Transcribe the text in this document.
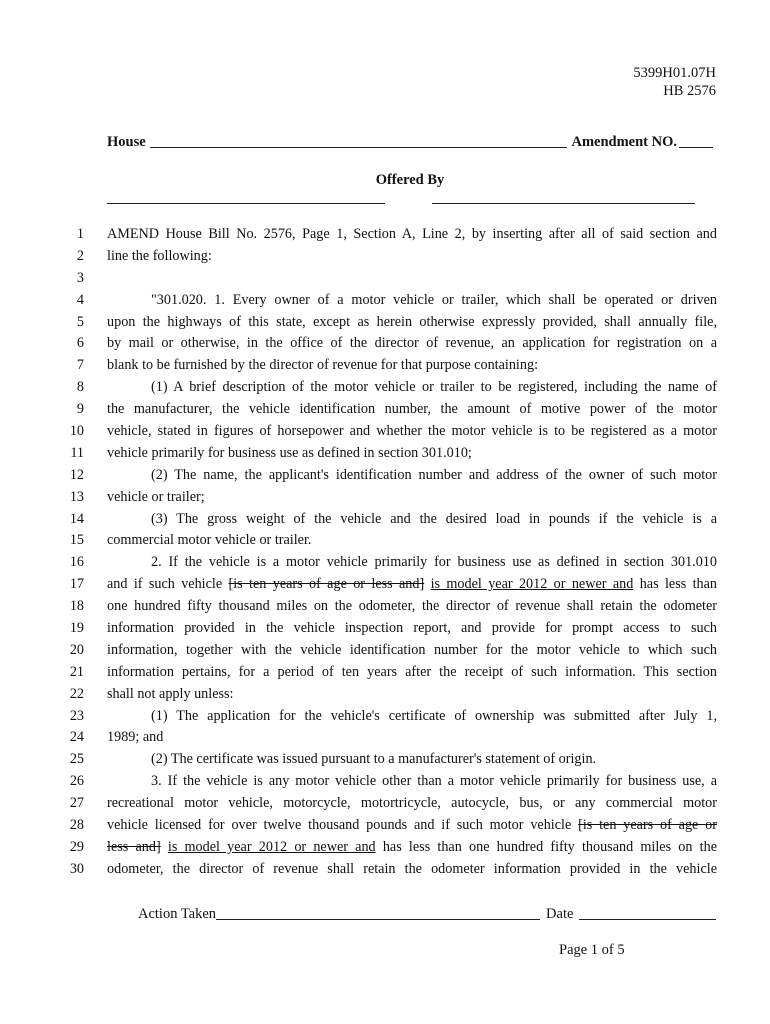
5399H01.07H
HB 2576
House	Amendment NO.
Offered By
1 AMEND House Bill No. 2576, Page 1, Section A, Line 2, by inserting after all of said section and
2 line the following:
3
4	"301.020. 1. Every owner of a motor vehicle or trailer, which shall be operated or driven
5 upon the highways of this state, except as herein otherwise expressly provided, shall annually file,
6 by mail or otherwise, in the office of the director of revenue, an application for registration on a
7 blank to be furnished by the director of revenue for that purpose containing:
8	(1) A brief description of the motor vehicle or trailer to be registered, including the name of
9 the manufacturer, the vehicle identification number, the amount of motive power of the motor
10 vehicle, stated in figures of horsepower and whether the motor vehicle is to be registered as a motor
11 vehicle primarily for business use as defined in section 301.010;
12	(2) The name, the applicant's identification number and address of the owner of such motor
13 vehicle or trailer;
14	(3) The gross weight of the vehicle and the desired load in pounds if the vehicle is a
15 commercial motor vehicle or trailer.
16	2. If the vehicle is a motor vehicle primarily for business use as defined in section 301.010
17 and if such vehicle [is ten years of age or less and] is model year 2012 or newer and has less than
18 one hundred fifty thousand miles on the odometer, the director of revenue shall retain the odometer
19 information provided in the vehicle inspection report, and provide for prompt access to such
20 information, together with the vehicle identification number for the motor vehicle to which such
21 information pertains, for a period of ten years after the receipt of such information. This section
22 shall not apply unless:
23	(1) The application for the vehicle's certificate of ownership was submitted after July 1,
24 1989; and
25	(2) The certificate was issued pursuant to a manufacturer's statement of origin.
26	3. If the vehicle is any motor vehicle other than a motor vehicle primarily for business use, a
27 recreational motor vehicle, motorcycle, motortricycle, autocycle, bus, or any commercial motor
28 vehicle licensed for over twelve thousand pounds and if such motor vehicle [is ten years of age or
29 less and] is model year 2012 or newer and has less than one hundred fifty thousand miles on the
30 odometer, the director of revenue shall retain the odometer information provided in the vehicle
Action Taken	Date
Page 1 of 5
